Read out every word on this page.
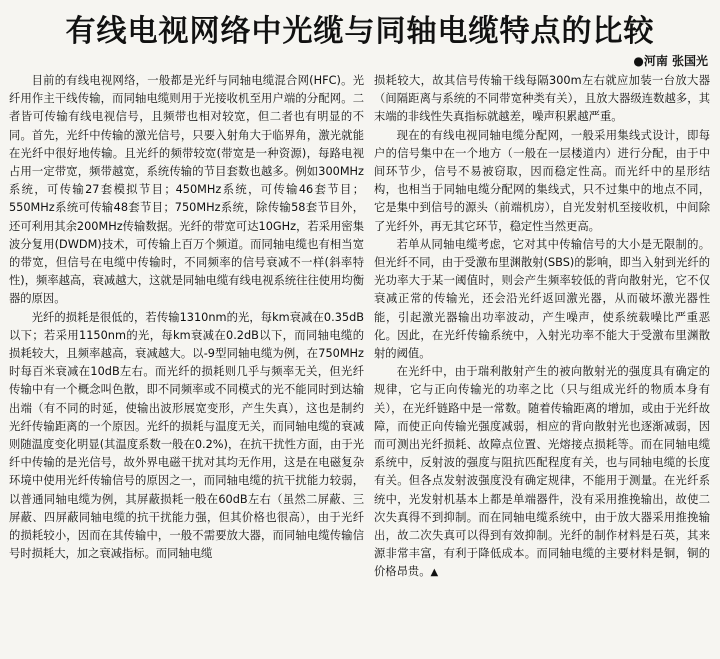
有线电视网络中光缆与同轴电缆特点的比较
●河南 张国光

目前的有线电视网络，一般都是光纤与同轴电缆混合网(HFC)。光纤用作主干线传输，而同轴电缆则用于光接收机至用户端的分配网。二者皆可传输有线电视信号，且频带也相对较宽，但二者也有明显的不同。首先，光纤中传输的激光信号，只要入射角大于临界角，激光就能在光纤中很好地传输。且光纤的频带较宽(带宽是一种资源)，每路电视占用一定带宽，频带越宽，系统传输的节目套数也越多。例如300MHz系统，可传输27套模拟节目；450MHz系统，可传输46套节目；550MHz系统可传输48套节目；750MHz系统，除传输58套节目外，还可利用其余200MHz传输数据。光纤的带宽可达10GHz，若采用密集波分复用(DWDM)技术，可传输上百万个频道。而同轴电缆也有相当宽的带宽，但信号在电缆中传输时，不同频率的信号衰减不一样(斜率特性)，频率越高，衰减越大，这就是同轴电缆有线电视系统往往使用均衡器的原因。

光纤的损耗是很低的，若传输1310nm的光，每km衰减在0.35dB以下；若采用1150nm的光，每km衰减在0.2dB以下，而同轴电缆的损耗较大，且频率越高，衰减越大。以-9型同轴电缆为例，在750MHz时每百米衰减在10dB左右。而光纤的损耗则几乎与频率无关，但光纤传输中有一个概念叫色散，即不同频率或不同模式的光不能同时到达输出端（有不同的时延，使输出波形展宽变形，产生失真），这也是制约光纤传输距离的一个原因。光纤的损耗与温度无关，而同轴电缆的衰减则随温度变化明显(其温度系数一般在0.2%)，在抗干扰性方面，由于光纤中传输的是光信号，故外界电磁干扰对其均无作用，这是在电磁复杂环境中使用光纤传输信号的原因之一，而同轴电缆的抗干扰能力较弱，以普通同轴电缆为例，其屏蔽损耗一般在60dB左右（虽然二屏蔽、三屏蔽、四屏蔽同轴电缆的抗干扰能力强，但其价格也很高），由于光纤的损耗较小，因而在其传输中，一般不需要放大器，而同轴电缆传输信号时损耗大，加之衰减指标。而同轴电缆

损耗较大，故其信号传输干线每隔300m左右就应加装一台放大器（间隔距离与系统的不同带宽种类有关），且放大器级连数越多，其末端的非线性失真指标就越差，噪声积累越严重。

现在的有线电视同轴电缆分配网，一般采用集线式设计，即每户的信号集中在一个地方（一般在一层楼道内）进行分配，由于中间环节少，信号不易被窃取，因而稳定性高。而光纤中的星形结构，也相当于同轴电缆分配网的集线式，只不过集中的地点不同，它是集中到信号的源头（前端机房），自光发射机至接收机，中间除了光纤外，再无其它环节，稳定性当然更高。

若单从同轴电缆考虑，它对其中传输信号的大小是无限制的。但光纤不同，由于受激布里渊散射(SBS)的影响，即当入射到光纤的光功率大于某一阈值时，则会产生频率较低的背向散射光，它不仅衰减正常的传输光，还会沿光纤返回激光器，从而破坏激光器性能，引起激光器输出功率波动，产生噪声，使系统载噪比严重恶化。因此，在光纤传输系统中，入射光功率不能大于受激布里渊散射的阈值。

在光纤中，由于瑞利散射产生的被向散射光的强度具有确定的规律，它与正向传输光的功率之比（只与组成光纤的物质本身有关），在光纤链路中是一常数。随着传输距离的增加，或由于光纤故障，而使正向传输光强度减弱，相应的背向散射光也逐渐减弱，因而可测出光纤损耗、故障点位置、光熔接点损耗等。而在同轴电缆系统中，反射波的强度与阻抗匹配程度有关，也与同轴电缆的长度有关。但各点发射波强度没有确定规律，不能用于测量。在光纤系统中，光发射机基本上都是单端器件，没有采用推挽输出，故使二次失真得不到抑制。而在同轴电缆系统中，由于放大器采用推挽输出，故二次失真可以得到有效抑制。光纤的制作材料是石英，其来源非常丰富，有利于降低成本。而同轴电缆的主要材料是铜，铜的价格昂贵。▲
